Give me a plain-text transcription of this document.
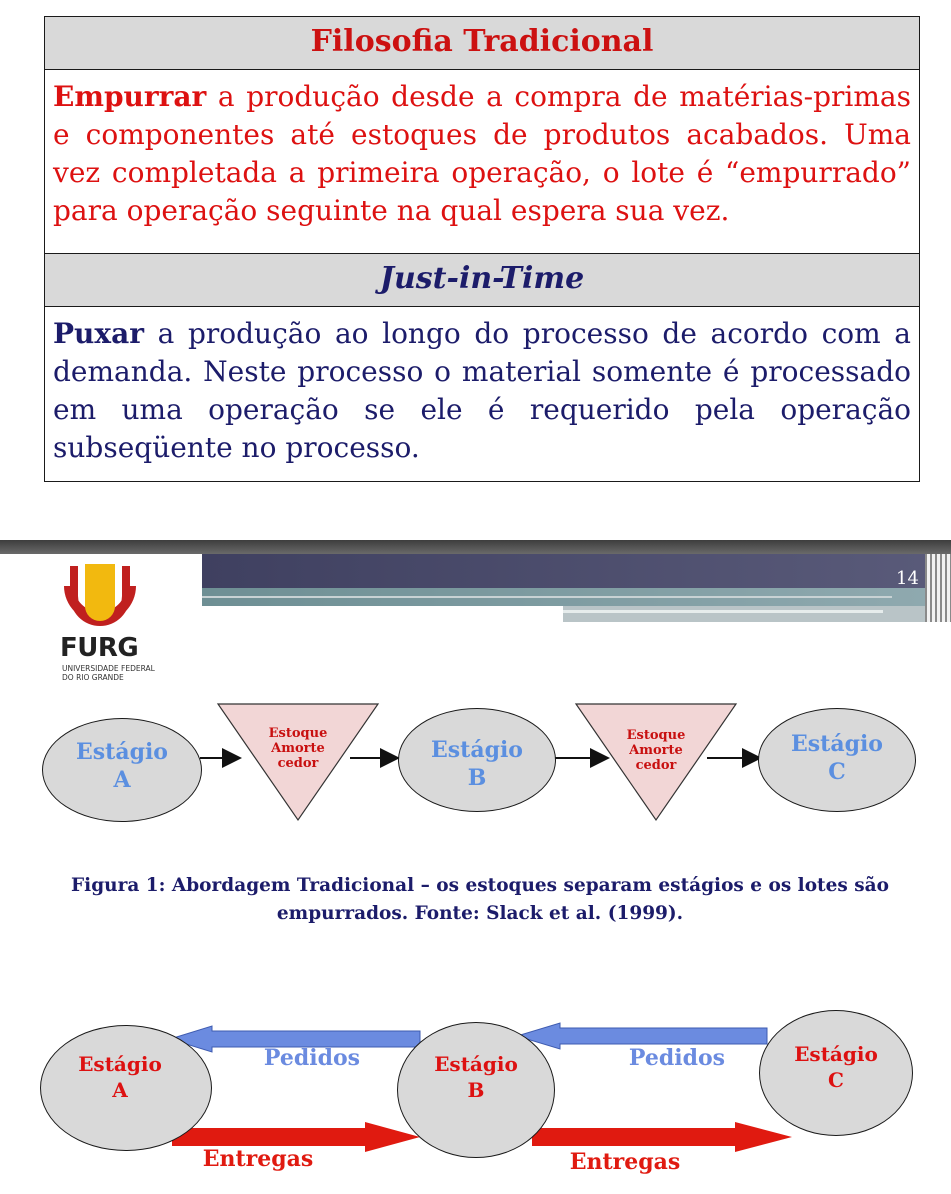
Filosofia Tradicional
Empurrar a produção desde a compra de matérias-primas e componentes até estoques de produtos acabados. Uma vez completada a primeira operação, o lote é “empurrado” para operação seguinte na qual espera sua vez.
Just-in-Time
Puxar a produção ao longo do processo de acordo com a demanda. Neste processo o material somente é processado em uma operação se ele é requerido pela operação subseqüente no processo.
14
FURG
UNIVERSIDADE FEDERAL
DO RIO GRANDE
Estágio
A
Estágio
B
Estágio
C
Estoque
Amorte
cedor
Estoque
Amorte
cedor
Figura 1: Abordagem Tradicional – os estoques separam estágios e os lotes são
empurrados. Fonte: Slack et al. (1999).
Estágio
A
Estágio
B
Estágio
C
Pedidos	Pedidos
Entregas	Entregas
